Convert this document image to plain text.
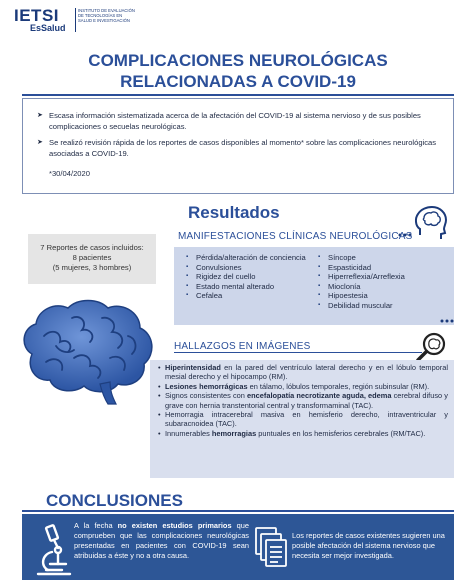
IETSI
EsSalud
INSTITUTO DE EVALUACIÓN DE TECNOLOGÍAS EN SALUD E INVESTIGACIÓN
COMPLICACIONES NEUROLÓGICAS
RELACIONADAS A COVID-19

➤ Escasa información sistematizada acerca de la afectación del COVID-19 al sistema nervioso y de sus posibles complicaciones o secuelas neurológicas.

➤ Se realizó revisión rápida de los reportes de casos disponibles al momento* sobre las complicaciones neurológicas asociadas a COVID-19.

*30/04/2020
Resultados
MANIFESTACIONES CLÍNICAS NEUROLÓGICAS
7 Reportes de casos incluidos:
8 pacientes
(5 mujeres, 3 hombres)
▪ Pérdida/alteración de conciencia
▪ Convulsiones
▪ Rigidez del cuello
▪ Estado mental alterado
▪ Cefalea
▪ Síncope
▪ Espasticidad
▪ Hiperreflexia/Arreflexia
▪ Mioclonía
▪ Hipoestesia
▪ Debilidad muscular
HALLAZGOS EN IMÁGENES
• Hiperintensidad en la pared del ventrículo lateral derecho y en el lóbulo temporal mesial derecho y el hipocampo (RM).
• Lesiones hemorrágicas en tálamo, lóbulos temporales, región subinsular (RM).
• Signos consistentes con encefalopatía necrotizante aguda, edema cerebral difuso y grave con hernia transtentorial central y transformaminal (TAC).
• Hemorragia intracerebral masiva en hemisferio derecho, intraventricular y subaracnoidea (TAC).
• Innumerables hemorragias puntuales en los hemisferios cerebrales (RM/TAC).
CONCLUSIONES
A la fecha no existen estudios primarios que comprueben que las complicaciones neurológicas presentadas en pacientes con COVID-19 sean atribuidas a éste y no a otra causa.
Los reportes de casos existentes sugieren una posible afectación del sistema nervioso que necesita ser mejor investigada.
